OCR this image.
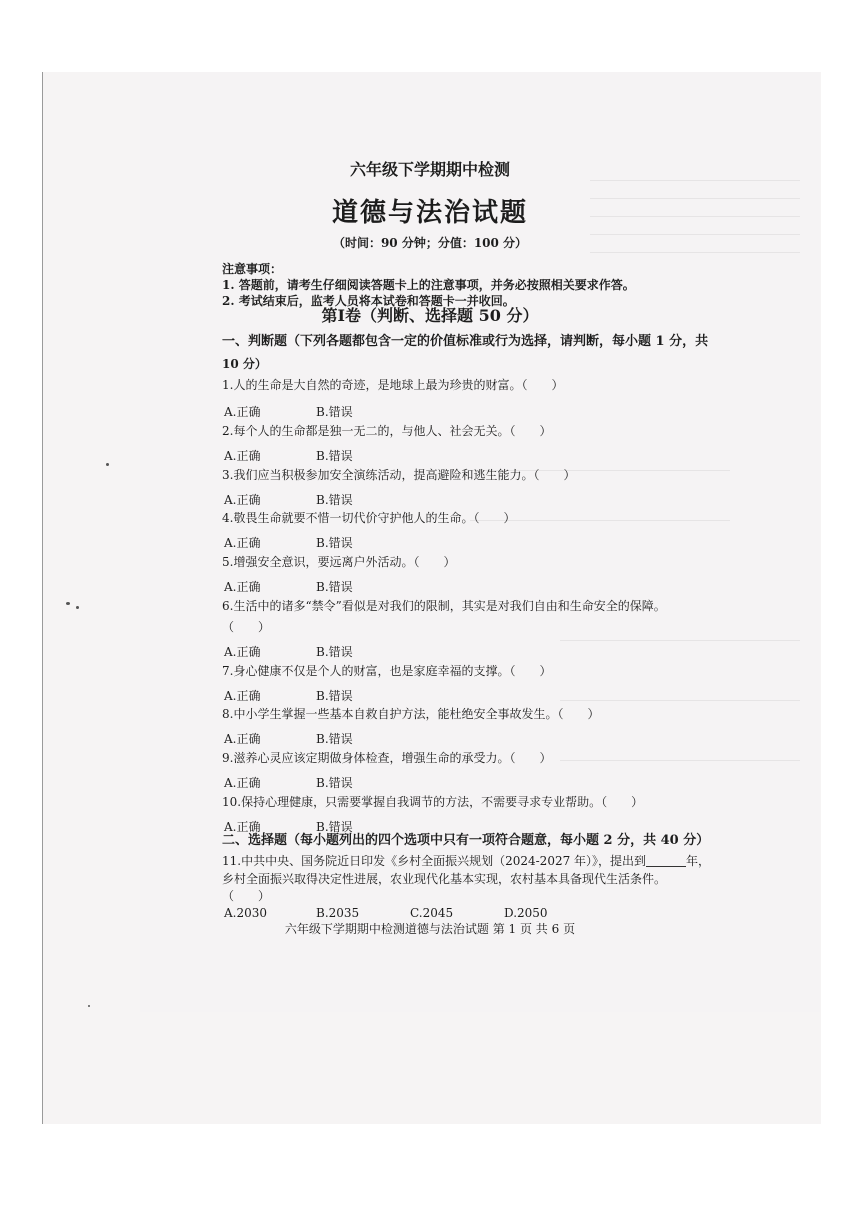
六年级下学期期中检测
道德与法治试题
（时间：90 分钟；分值：100 分）
注意事项：
1. 答题前，请考生仔细阅读答题卡上的注意事项，并务必按照相关要求作答。
2. 考试结束后，监考人员将本试卷和答题卡一并收回。
第Ⅰ卷（判断、选择题 50 分）
一、判断题（下列各题都包含一定的价值标准或行为选择，请判断，每小题 1 分，共
10 分）
1.人的生命是大自然的奇迹，是地球上最为珍贵的财富。（　　）
A.正确	B.错误
2.每个人的生命都是独一无二的，与他人、社会无关。（　　）
A.正确	B.错误
3.我们应当积极参加安全演练活动，提高避险和逃生能力。（　　）
A.正确	B.错误
4.敬畏生命就要不惜一切代价守护他人的生命。（　　）
A.正确	B.错误
5.增强安全意识，要远离户外活动。（　　）
A.正确	B.错误
6.生活中的诸多“禁令”看似是对我们的限制，其实是对我们自由和生命安全的保障。
（　　）
A.正确	B.错误
7.身心健康不仅是个人的财富，也是家庭幸福的支撑。（　　）
A.正确	B.错误
8.中小学生掌握一些基本自救自护方法，能杜绝安全事故发生。（　　）
A.正确	B.错误
9.滋养心灵应该定期做身体检查，增强生命的承受力。（　　）
A.正确	B.错误
10.保持心理健康，只需要掌握自我调节的方法，不需要寻求专业帮助。（　　）
A.正确	B.错误
二、选择题（每小题列出的四个选项中只有一项符合题意，每小题 2 分，共 40 分）
11.中共中央、国务院近日印发《乡村全面振兴规划（2024-2027 年）》，提出到	年，
乡村全面振兴取得决定性进展，农业现代化基本实现，农村基本具备现代生活条件。
（　　）
A.2030	B.2035	C.2045	D.2050
六年级下学期期中检测道德与法治试题 第 1 页 共 6 页
